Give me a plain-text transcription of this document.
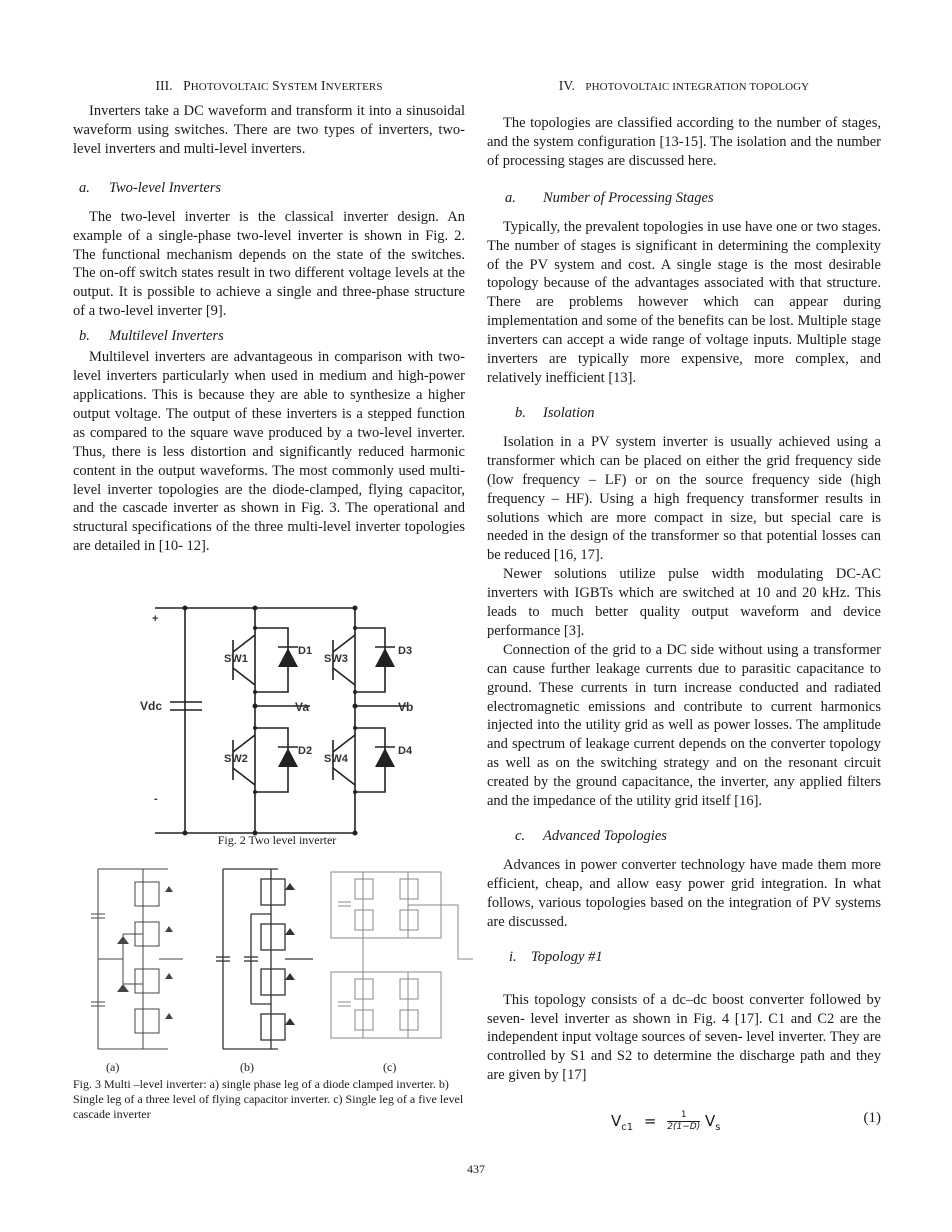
III. PHOTOVOLTAIC SYSTEM INVERTERS

Inverters take a DC waveform and transform it into a sinusoidal waveform using switches. There are two types of inverters, two-level inverters and multi-level inverters.

a. Two-level Inverters

The two-level inverter is the classical inverter design. An example of a single-phase two-level inverter is shown in Fig. 2. The functional mechanism depends on the state of the switches. The on-off switch states result in two different voltage levels at the output. It is possible to achieve a single and three-phase structure of a two-level inverter [9].

b. Multilevel Inverters

Multilevel inverters are advantageous in comparison with two-level inverters particularly when used in medium and high-power applications. This is because they are able to synthesize a higher output voltage. The output of these inverters is a stepped function as compared to the square wave produced by a two-level inverter. Thus, there is less distortion and significantly reduced harmonic content in the output waveforms. The most commonly used multi-level inverter topologies are the diode-clamped, flying capacitor, and the cascade inverter as shown in Fig. 3. The operational and structural specifications of the three multi-level inverter topologies are detailed in [10- 12].

+
-
Vdc	Va	Vb
SW1
SW2
SW3
SW4
D1
D2
D3
D4
Fig. 2 Two level inverter
(a)	(b)	(c)
Fig. 3 Multi –level inverter: a) single phase leg of a diode clamped inverter. b) Single leg of a three level of flying capacitor inverter. c) Single leg of a five level cascade inverter
IV. PHOTOVOLTAIC INTEGRATION TOPOLOGY

The topologies are classified according to the number of stages, and the system configuration [13-15]. The isolation and the number of processing stages are discussed here.

a. Number of Processing Stages

Typically, the prevalent topologies in use have one or two stages. The number of stages is significant in determining the complexity of the PV system and cost. A single stage is the most desirable topology because of the advantages associated with that structure. There are problems however which can appear during implementation and some of the benefits can be lost. Multiple stage inverters can accept a wide range of voltage inputs. Multiple stage inverters are typically more expensive, more complex, and relatively inefficient [13].

b. Isolation

Isolation in a PV system inverter is usually achieved using a transformer which can be placed on either the grid frequency side (low frequency – LF) or on the source frequency side (high frequency – HF). Using a high frequency transformer results in solutions which are more compact in size, but special care is needed in the design of the transformer so that potential losses can be reduced [16, 17].

Newer solutions utilize pulse width modulating DC-AC inverters with IGBTs which are switched at 10 and 20 kHz. This leads to much better quality output waveform and device performance [3].

Connection of the grid to a DC side without using a transformer can cause further leakage currents due to parasitic capacitance to ground. These currents in turn increase conducted and radiated electromagnetic emissions and contribute to current harmonics injected into the utility grid as well as power losses. The amplitude and spectrum of leakage current depends on the converter topology as well as on the switching strategy and on the resonant circuit created by the ground capacitance, the inverter, any applied filters and the impedance of the utility grid itself [16].

c. Advanced Topologies

Advances in power converter technology have made them more efficient, cheap, and allow easy power grid integration. In what follows, various topologies based on the integration of PV systems are discussed.

i. Topology #1

This topology consists of a dc–dc boost converter followed by seven- level inverter as shown in Fig. 4 [17]. C1 and C2 are the independent input voltage sources of seven- level inverter. They are controlled by S1 and S2 to determine the discharge path and they are given by [17]

$V_{c1} = \frac{1}{2(1-D)} V_s$
(1)
437
